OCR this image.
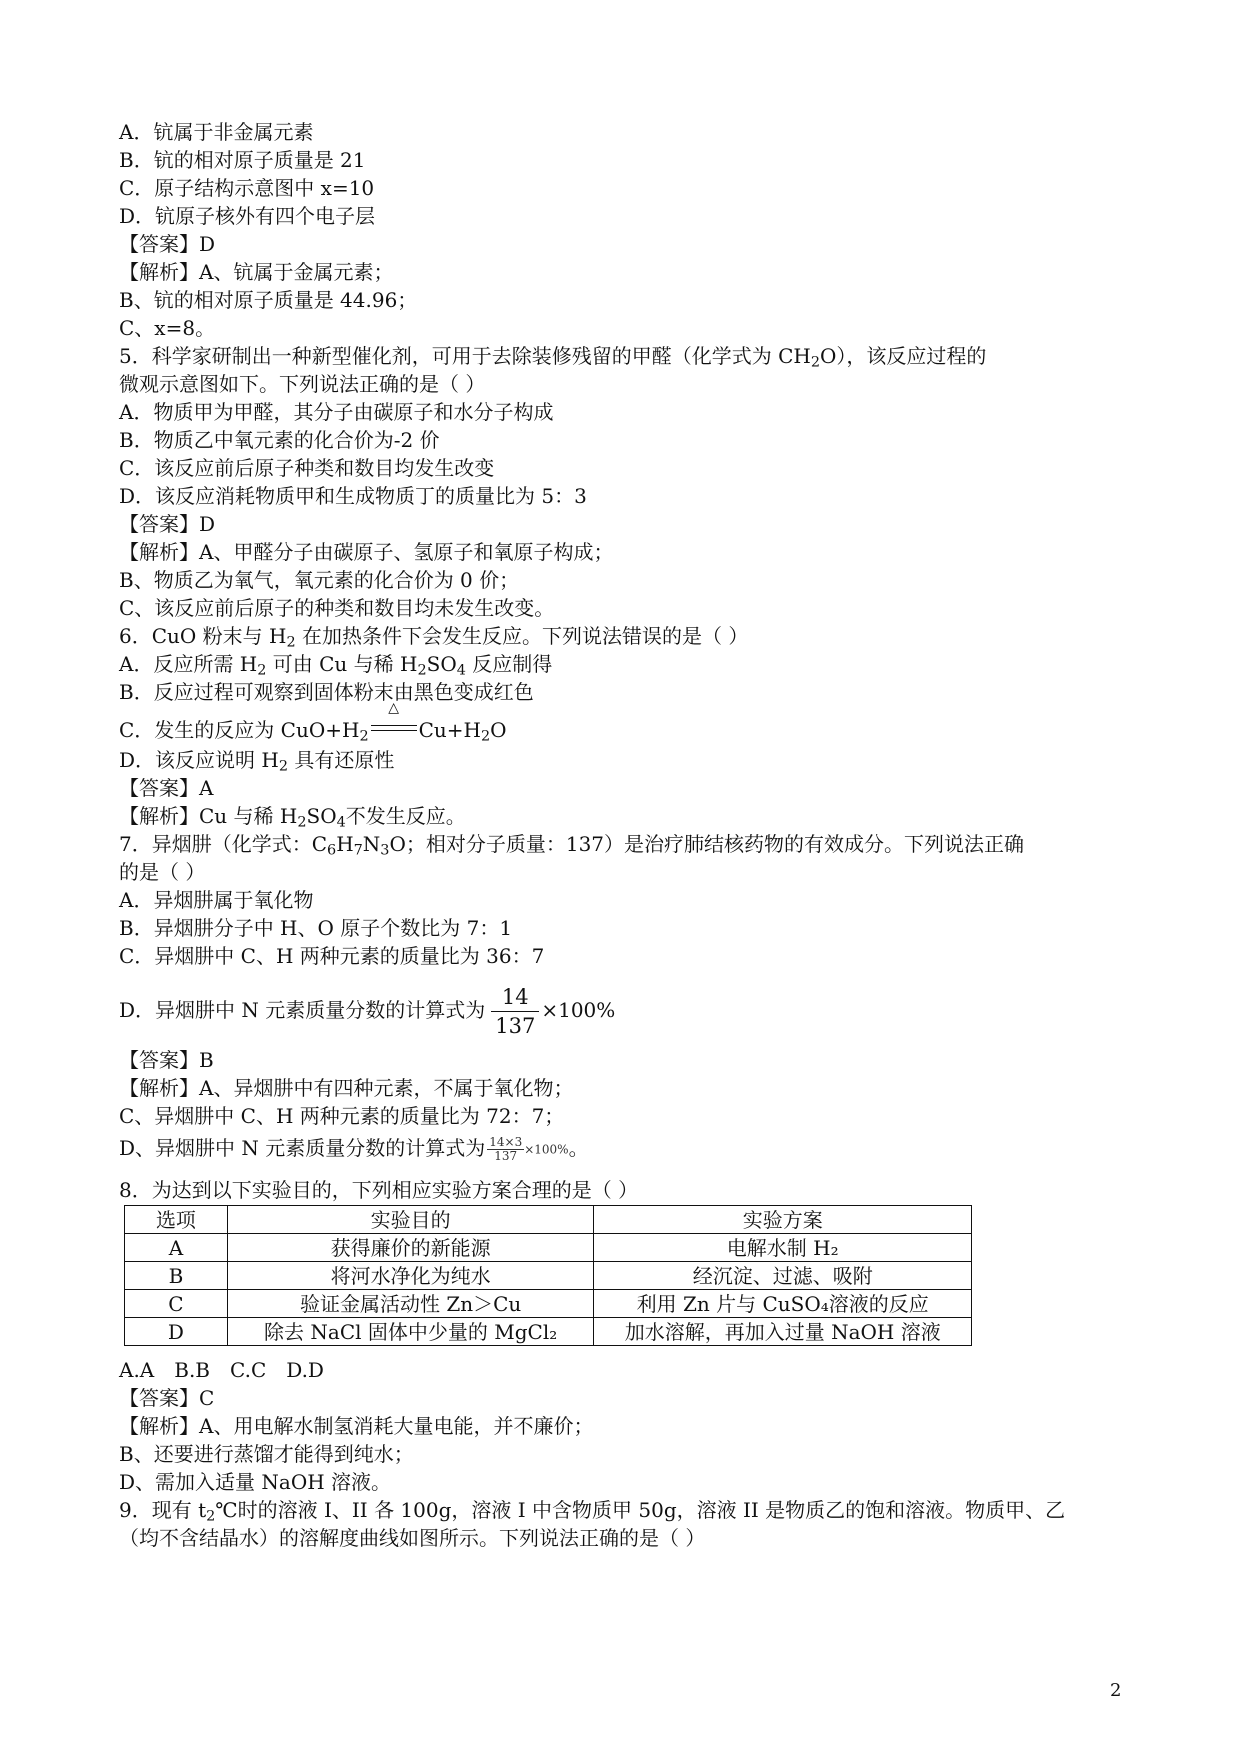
A．钪属于非金属元素
B．钪的相对原子质量是 21
C．原子结构示意图中 x=10
D．钪原子核外有四个电子层
【答案】D
【解析】A、钪属于金属元素；
B、钪的相对原子质量是 44.96；
C、x=8。
5．科学家研制出一种新型催化剂，可用于去除装修残留的甲醛（化学式为 $CH_2O$），该反应过程的
微观示意图如下。下列说法正确的是（ ）
A．物质甲为甲醛，其分子由碳原子和水分子构成
B．物质乙中氧元素的化合价为-2 价
C．该反应前后原子种类和数目均发生改变
D．该反应消耗物质甲和生成物质丁的质量比为 5：3
【答案】D
【解析】A、甲醛分子由碳原子、氢原子和氧原子构成；
B、物质乙为氧气，氧元素的化合价为 0 价；
C、该反应前后原子的种类和数目均未发生改变。
6．CuO 粉末与 $H_2$ 在加热条件下会发生反应。下列说法错误的是（ ）
A．反应所需 $H_2$ 可由 Cu 与稀 $H_2SO_4$ 反应制得
B．反应过程可观察到固体粉末由黑色变成红色
C．发生的反应为 $CuO+H_2$
△
$Cu+H_2O$
D．该反应说明 $H_2$ 具有还原性
【答案】A
【解析】Cu 与稀 $H_2SO_4$不发生反应。
7．异烟肼（化学式：$C_6H_7N_3O$；相对分子质量：137）是治疗肺结核药物的有效成分。下列说法正确
的是（ ）
A．异烟肼属于氧化物
B．异烟肼分子中 H、O 原子个数比为 7：1
C．异烟肼中 C、H 两种元素的质量比为 36：7
D．异烟肼中 N 元素质量分数的计算式为 $\frac{14}{137} \times 100\%$
【答案】B
【解析】A、异烟肼中有四种元素，不属于氧化物；
C、异烟肼中 C、H 两种元素的质量比为 72：7；
D、异烟肼中 N 元素质量分数的计算式为 $\frac{14\times 3}{137} \times 100\%$。
8．为达到以下实验目的，下列相应实验方案合理的是（ ）
选项	实验目的	实验方案
A	获得廉价的新能源	电解水制 H₂
B	将河水净化为纯水	经沉淀、过滤、吸附
C	验证金属活动性 Zn＞Cu	利用 Zn 片与 CuSO₄溶液的反应
D	除去 NaCl 固体中少量的 MgCl₂	加水溶解，再加入过量 NaOH 溶液
A.A　B.B　C.C　D.D
【答案】C
【解析】A、用电解水制氢消耗大量电能，并不廉价；
B、还要进行蒸馏才能得到纯水；
D、需加入适量 NaOH 溶液。
9．现有 $t_2℃$时的溶液 I、II 各 100g，溶液 I 中含物质甲 50g，溶液 II 是物质乙的饱和溶液。物质甲、乙
（均不含结晶水）的溶解度曲线如图所示。下列说法正确的是（ ）
2
